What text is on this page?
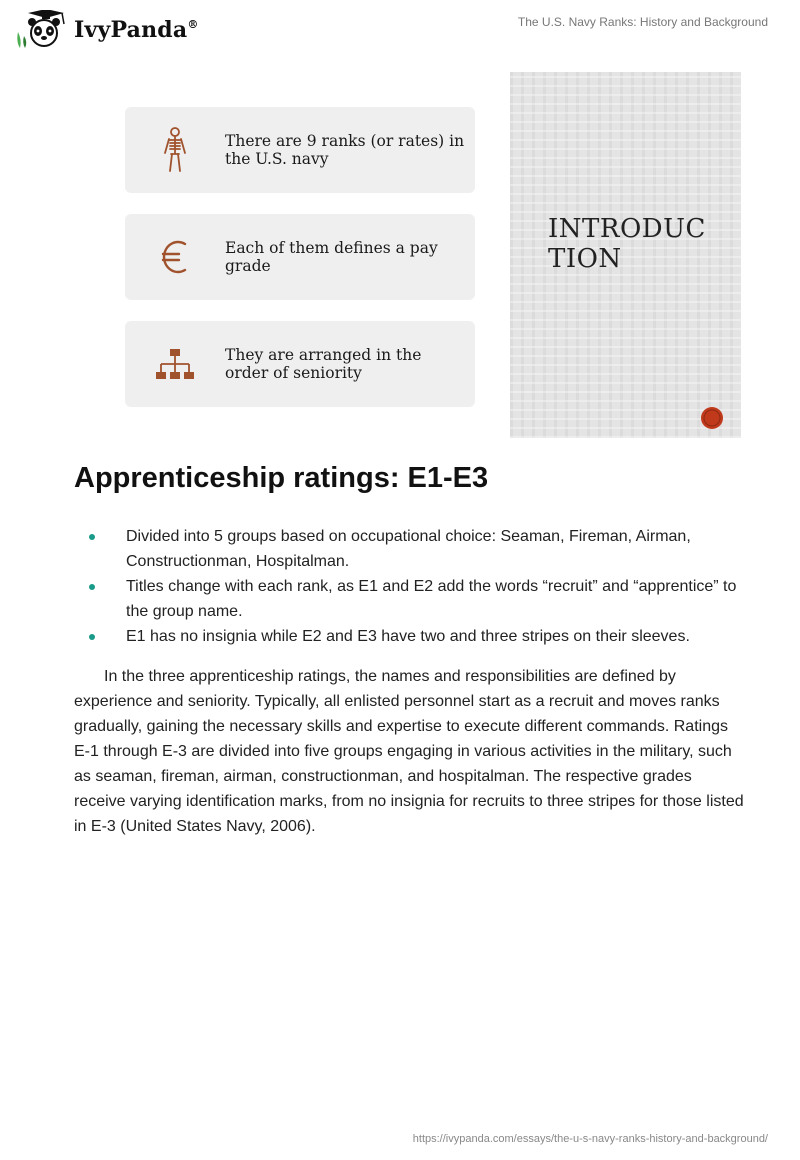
IvyPanda®	The U.S. Navy Ranks: History and Background
There are 9 ranks (or rates) in the U.S. navy
Each of them defines a pay grade
They are arranged in the order of seniority
INTRODUC
TION
Apprenticeship ratings: E1-E3
Divided into 5 groups based on occupational choice: Seaman, Fireman, Airman, Constructionman, Hospitalman.
Titles change with each rank, as E1 and E2 add the words “recruit” and “apprentice” to the group name.
E1 has no insignia while E2 and E3 have two and three stripes on their sleeves.

In the three apprenticeship ratings, the names and responsibilities are defined by experience and seniority. Typically, all enlisted personnel start as a recruit and moves ranks gradually, gaining the necessary skills and expertise to execute different commands. Ratings E-1 through E-3 are divided into five groups engaging in various activities in the military, such as seaman, fireman, airman, constructionman, and hospitalman. The respective grades receive varying identification marks, from no insignia for recruits to three stripes for those listed in E-3 (United States Navy, 2006).

https://ivypanda.com/essays/the-u-s-navy-ranks-history-and-background/
